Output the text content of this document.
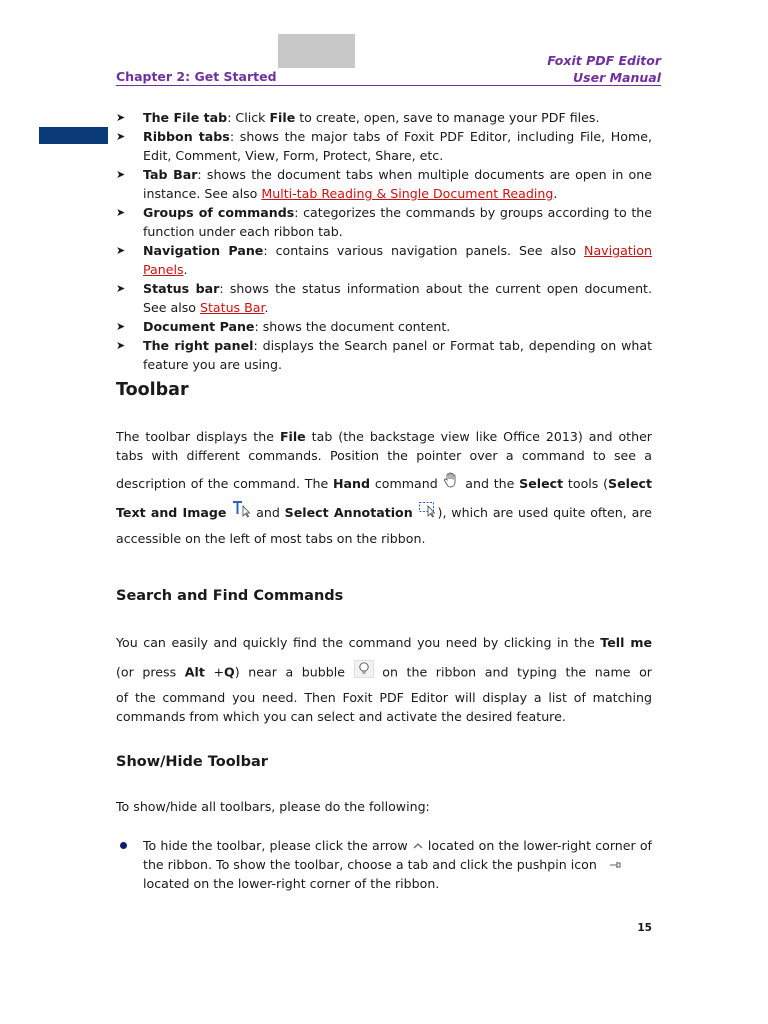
Chapter 2: Get Started
Foxit PDF Editor
User Manual
➤ The File tab: Click File to create, open, save to manage your PDF files.
➤ Ribbon tabs: shows the major tabs of Foxit PDF Editor, including File, Home, Edit, Comment, View, Form, Protect, Share, etc.
➤ Tab Bar: shows the document tabs when multiple documents are open in one instance. See also Multi-tab Reading & Single Document Reading.
➤ Groups of commands: categorizes the commands by groups according to the function under each ribbon tab.
➤ Navigation Pane: contains various navigation panels. See also Navigation Panels.
➤ Status bar: shows the status information about the current open document. See also Status Bar.
➤ Document Pane: shows the document content.
➤ The right panel: displays the Search panel or Format tab, depending on what feature you are using.
Toolbar
The toolbar displays the File tab (the backstage view like Office 2013) and other
tabs with different commands. Position the pointer over a command to see a
description of the command. The Hand command  and the Select tools (Select
Text and Image  and Select Annotation ), which are used quite often, are
accessible on the left of most tabs on the ribbon.
Search and Find Commands
You can easily and quickly find the command you need by clicking in the Tell me
(or press Alt +Q) near a bubble	on the ribbon and typing the name or
of the command you need. Then Foxit PDF Editor will display a list of matching
commands from which you can select and activate the desired feature.
Show/Hide Toolbar
To show/hide all toolbars, please do the following:
To hide the toolbar, please click the arrow  located on the lower-right corner of
the ribbon. To show the toolbar, choose a tab and click the pushpin icon
located on the lower-right corner of the ribbon.
15
